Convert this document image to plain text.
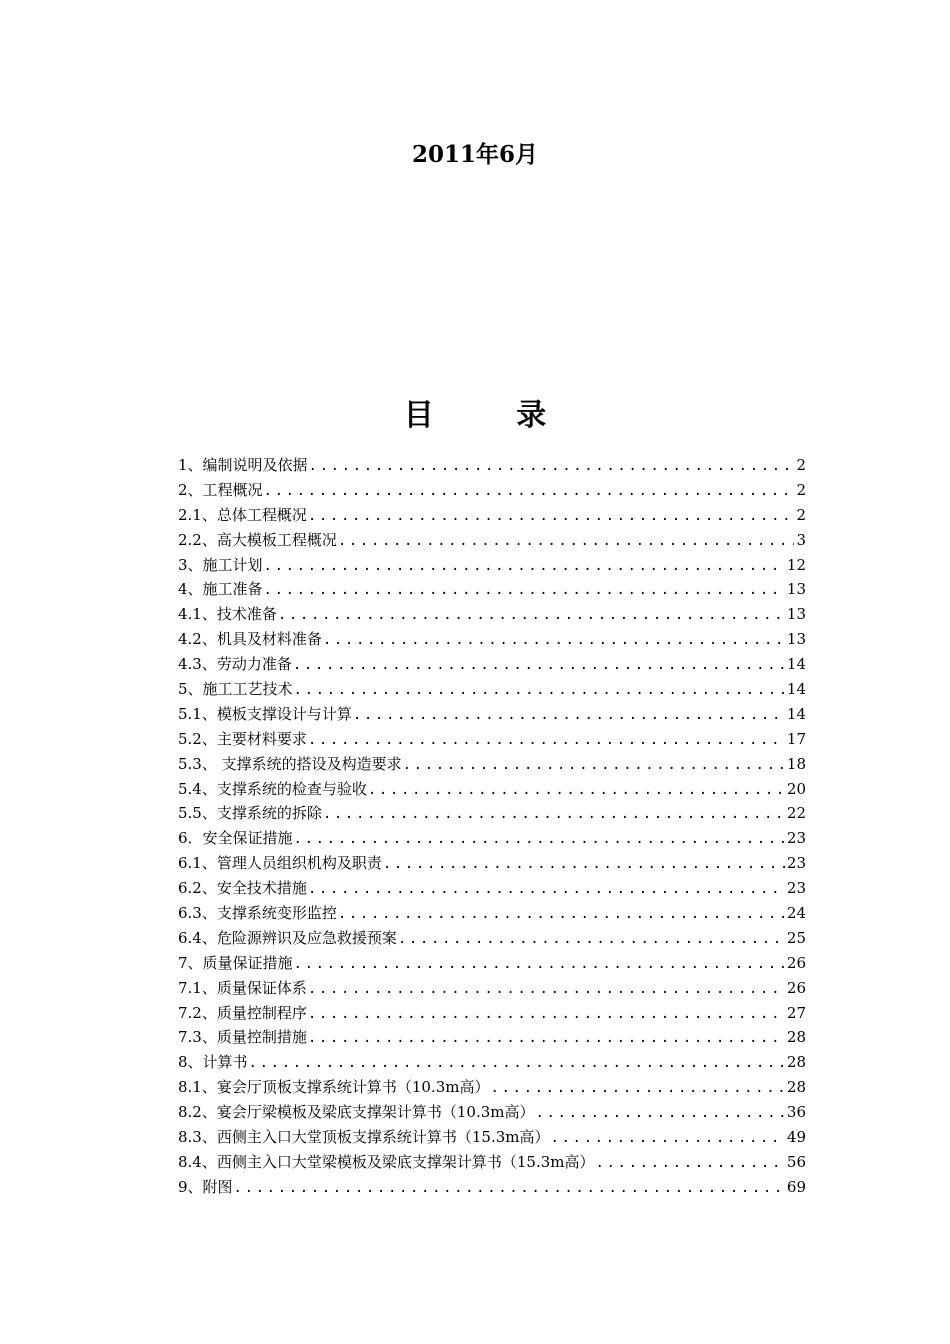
2011年6月
目 录
1、编制说明及依据 .....	2
2、工程概况 .....	2
2.1、总体工程概况 .....	2
2.2、高大模板工程概况 .....	3
3、施工计划 .....	12
4、施工准备 .....	13
4.1、技术准备 .....	13
4.2、机具及材料准备 .....	13
4.3、劳动力准备 .....	14
5、施工工艺技术 .....	14
5.1、模板支撑设计与计算 .....	14
5.2、主要材料要求 .....	17
5.3、 支撑系统的搭设及构造要求 .....	18
5.4、支撑系统的检查与验收 .....	20
5.5、支撑系统的拆除 .....	22
6．安全保证措施 .....	23
6.1、管理人员组织机构及职责 .....	23
6.2、安全技术措施 .....	23
6.3、支撑系统变形监控 .....	24
6.4、危险源辨识及应急救援预案 .....	25
7、质量保证措施 .....	26
7.1、质量保证体系 .....	26
7.2、质量控制程序 .....	27
7.3、质量控制措施 .....	28
8、计算书 .....	28
8.1、宴会厅顶板支撑系统计算书（10.3m高） .....	28
8.2、宴会厅梁模板及梁底支撑架计算书（10.3m高） .....	36
8.3、西侧主入口大堂顶板支撑系统计算书（15.3m高） .....	49
8.4、西侧主入口大堂梁模板及梁底支撑架计算书（15.3m高） .....	56
9、附图 .....	69
